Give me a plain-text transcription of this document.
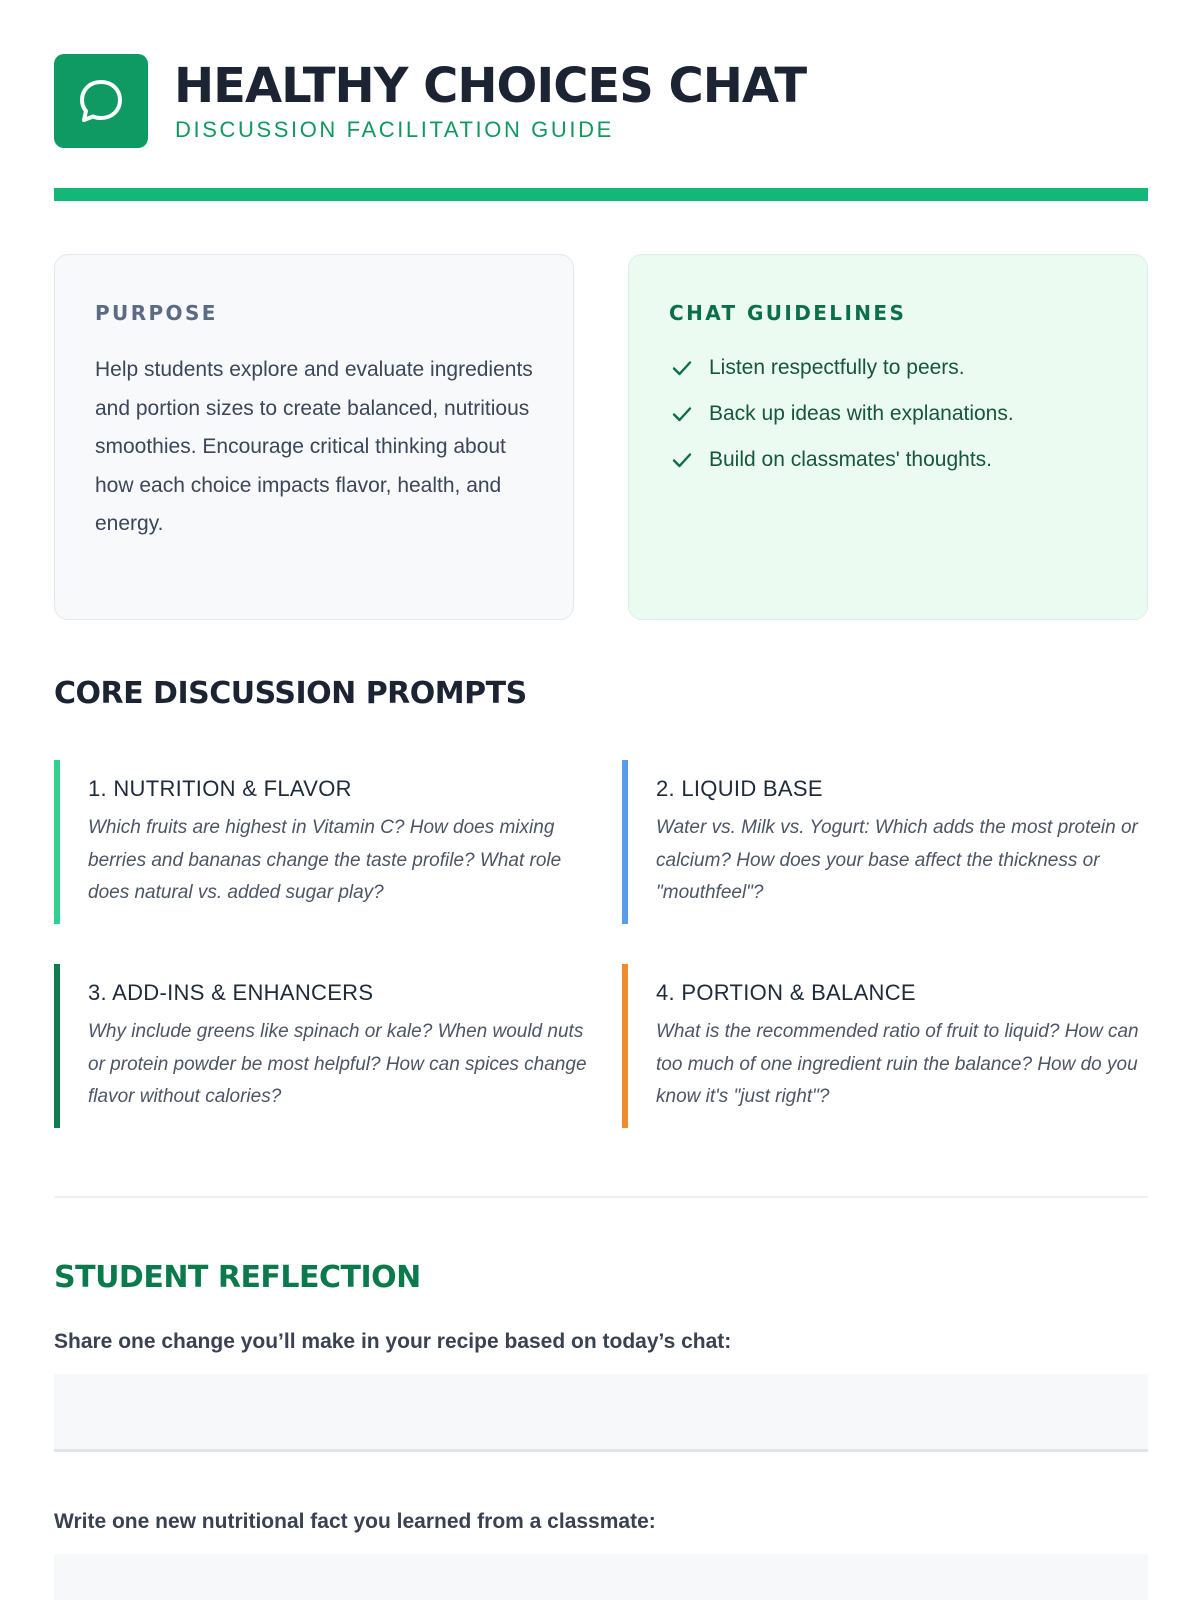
HEALTHY CHOICES CHAT
DISCUSSION FACILITATION GUIDE
PURPOSE
Help students explore and evaluate ingredients and portion sizes to create balanced, nutritious smoothies. Encourage critical thinking about how each choice impacts flavor, health, and energy.
CHAT GUIDELINES
Listen respectfully to peers.
Back up ideas with explanations.
Build on classmates' thoughts.
CORE DISCUSSION PROMPTS
1. NUTRITION & FLAVOR
Which fruits are highest in Vitamin C? How does mixing berries and bananas change the taste profile? What role does natural vs. added sugar play?
2. LIQUID BASE
Water vs. Milk vs. Yogurt: Which adds the most protein or calcium? How does your base affect the thickness or "mouthfeel"?
3. ADD-INS & ENHANCERS
Why include greens like spinach or kale? When would nuts or protein powder be most helpful? How can spices change flavor without calories?
4. PORTION & BALANCE
What is the recommended ratio of fruit to liquid? How can too much of one ingredient ruin the balance? How do you know it's "just right"?
STUDENT REFLECTION
Share one change you’ll make in your recipe based on today’s chat:
Write one new nutritional fact you learned from a classmate:
